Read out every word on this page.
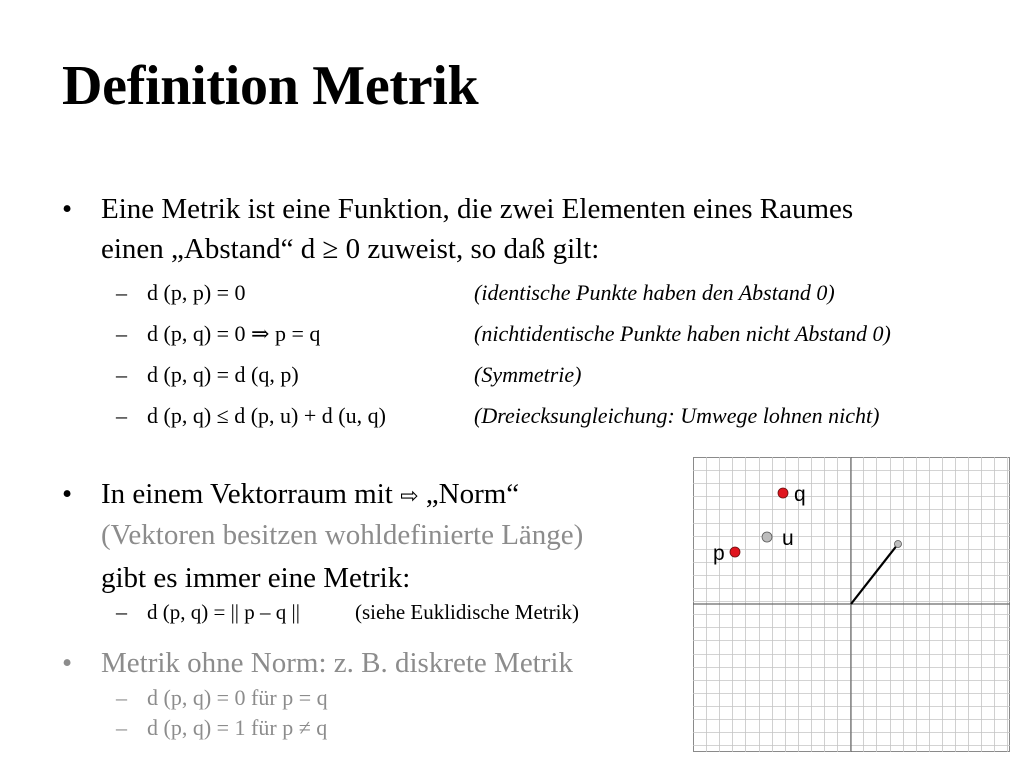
Definition Metrik
• Eine Metrik ist eine Funktion, die zwei Elementen eines Raumes
einen „Abstand“ d ≥ 0 zuweist, so daß gilt:
– d (p, p) = 0	(identische Punkte haben den Abstand 0)
– d (p, q) = 0 ⇒ p = q	(nichtidentische Punkte haben nicht Abstand 0)
– d (p, q) = d (q, p)	(Symmetrie)
– d (p, q) ≤ d (p, u) + d (u, q)	(Dreiecksungleichung: Umwege lohnen nicht)
• In einem Vektorraum mit ⇨ „Norm“
(Vektoren besitzen wohldefinierte Länge)
gibt es immer eine Metrik:
– d (p, q) = || p – q ||	(siehe Euklidische Metrik)
• Metrik ohne Norm: z. B. diskrete Metrik
– d (p, q) = 0 für p = q
– d (p, q) = 1 für p ≠ q
q
u
p
